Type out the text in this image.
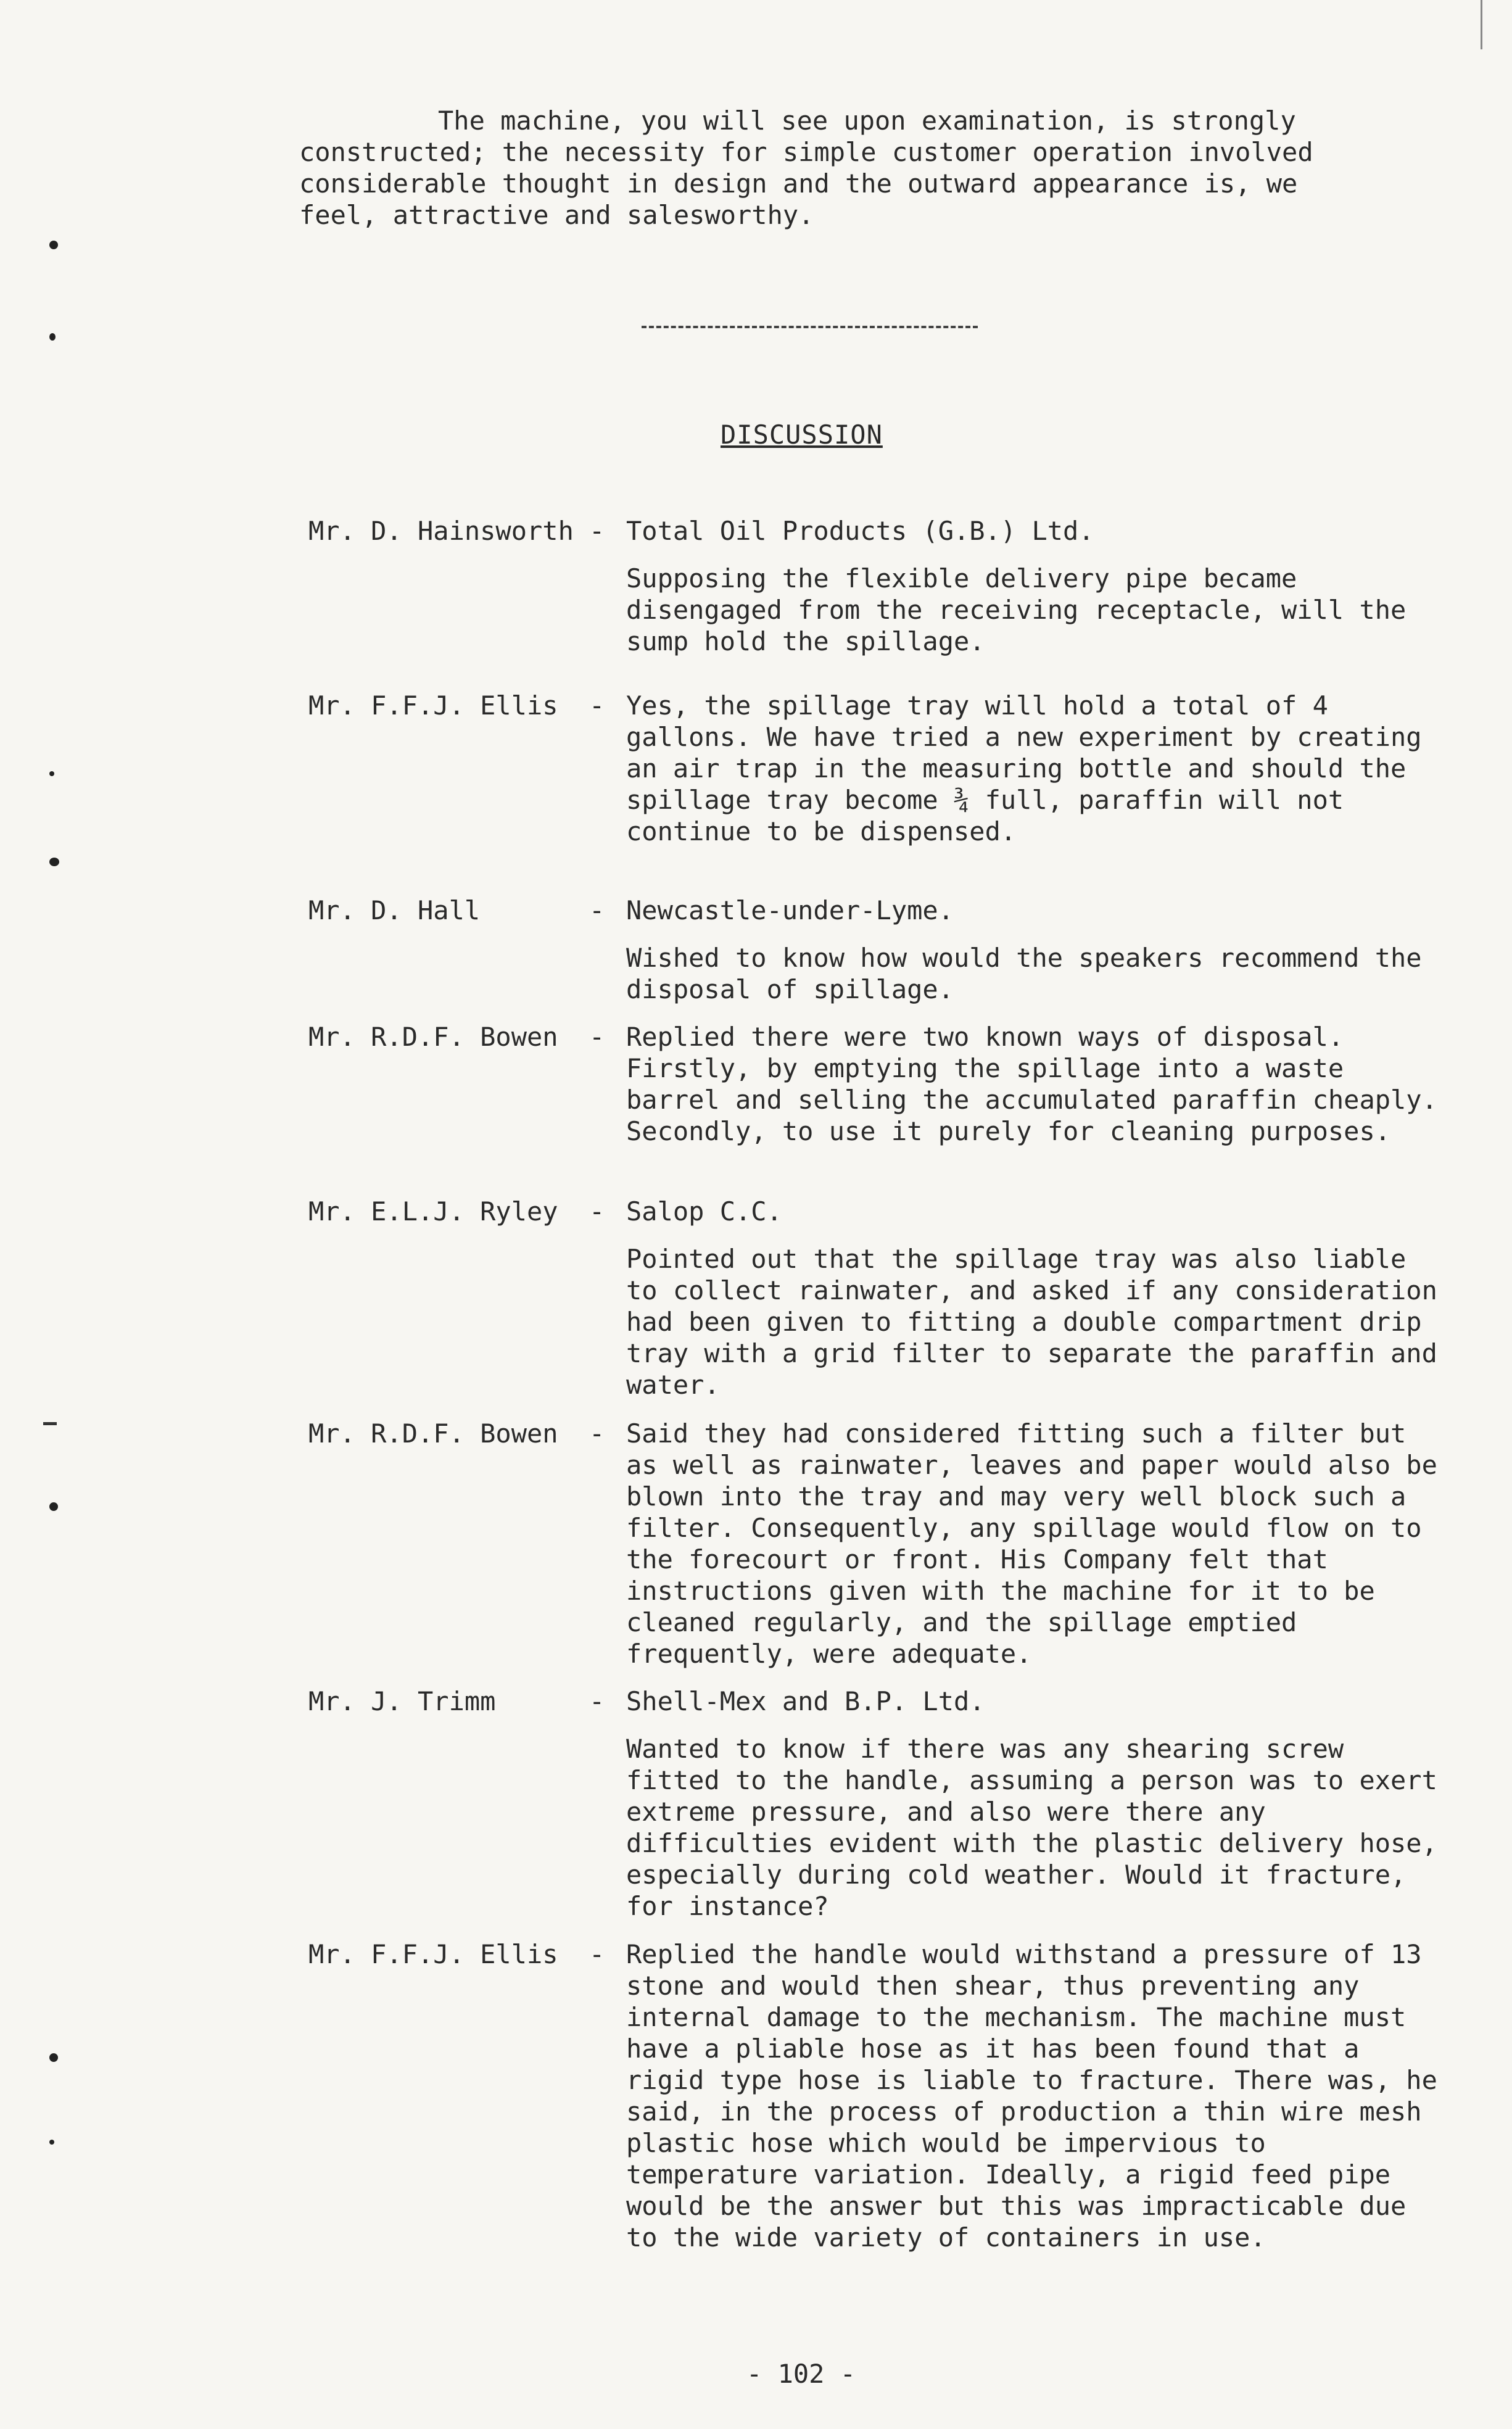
The machine, you will see upon examination, is strongly constructed; the necessity for simple customer operation involved considerable thought in design and the outward appearance is, we feel, attractive and salesworthy.

DISCUSSION
Mr. D. Hainsworth - Total Oil Products (G.B.) Ltd.

Supposing the flexible delivery pipe became disengaged from the receiving receptacle, will the sump hold the spillage.

Mr. F.F.J. Ellis	- Yes, the spillage tray will hold a total of 4 gallons. We have tried a new experiment by creating an air trap in the measuring bottle and should the spillage tray become ¾ full, paraffin will not continue to be dispensed.

Mr. D. Hall	- Newcastle-under-Lyme.

Wished to know how would the speakers recommend the disposal of spillage.

Mr. R.D.F. Bowen	- Replied there were two known ways of disposal. Firstly, by emptying the spillage into a waste barrel and selling the accumulated paraffin cheaply. Secondly, to use it purely for cleaning purposes.

Mr. E.L.J. Ryley	- Salop C.C.

Pointed out that the spillage tray was also liable to collect rainwater, and asked if any consideration had been given to fitting a double compartment drip tray with a grid filter to separate the paraffin and water.

Mr. R.D.F. Bowen	- Said they had considered fitting such a filter but as well as rainwater, leaves and paper would also be blown into the tray and may very well block such a filter. Consequently, any spillage would flow on to the forecourt or front. His Company felt that instructions given with the machine for it to be cleaned regularly, and the spillage emptied frequently, were adequate.

Mr. J. Trimm	- Shell-Mex and B.P. Ltd.

Wanted to know if there was any shearing screw fitted to the handle, assuming a person was to exert extreme pressure, and also were there any difficulties evident with the plastic delivery hose, especially during cold weather. Would it fracture, for instance?

Mr. F.F.J. Ellis	- Replied the handle would withstand a pressure of 13 stone and would then shear, thus preventing any internal damage to the mechanism. The machine must have a pliable hose as it has been found that a rigid type hose is liable to fracture. There was, he said, in the process of production a thin wire mesh plastic hose which would be impervious to temperature variation. Ideally, a rigid feed pipe would be the answer but this was impracticable due to the wide variety of containers in use.

- 102 -
